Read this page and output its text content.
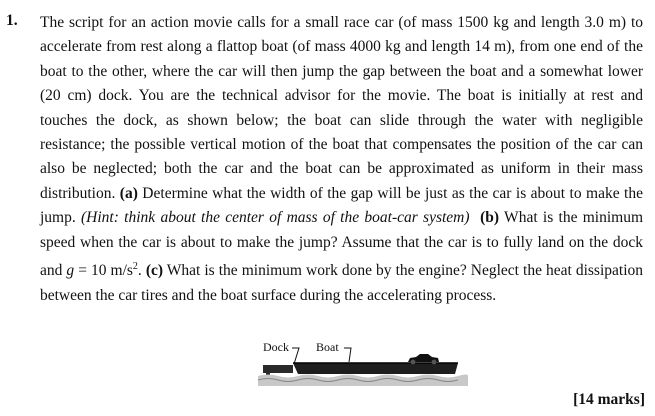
1. The script for an action movie calls for a small race car (of mass 1500 kg and length 3.0 m) to accelerate from rest along a flattop boat (of mass 4000 kg and length 14 m), from one end of the boat to the other, where the car will then jump the gap between the boat and a somewhat lower (20 cm) dock. You are the technical advisor for the movie. The boat is initially at rest and touches the dock, as shown below; the boat can slide through the water with negligible resistance; the possible vertical motion of the boat that compensates the position of the car can also be neglected; both the car and the boat can be approximated as uniform in their mass distribution. (a) Determine what the width of the gap will be just as the car is about to make the jump. (Hint: think about the center of mass of the boat-car system) (b) What is the minimum speed when the car is about to make the jump? Assume that the car is to fully land on the dock and g = 10 $m/s^2$. (c) What is the minimum work done by the engine? Neglect the heat dissipation between the car tires and the boat surface during the accelerating process.
Dock Boat
[14 marks]
